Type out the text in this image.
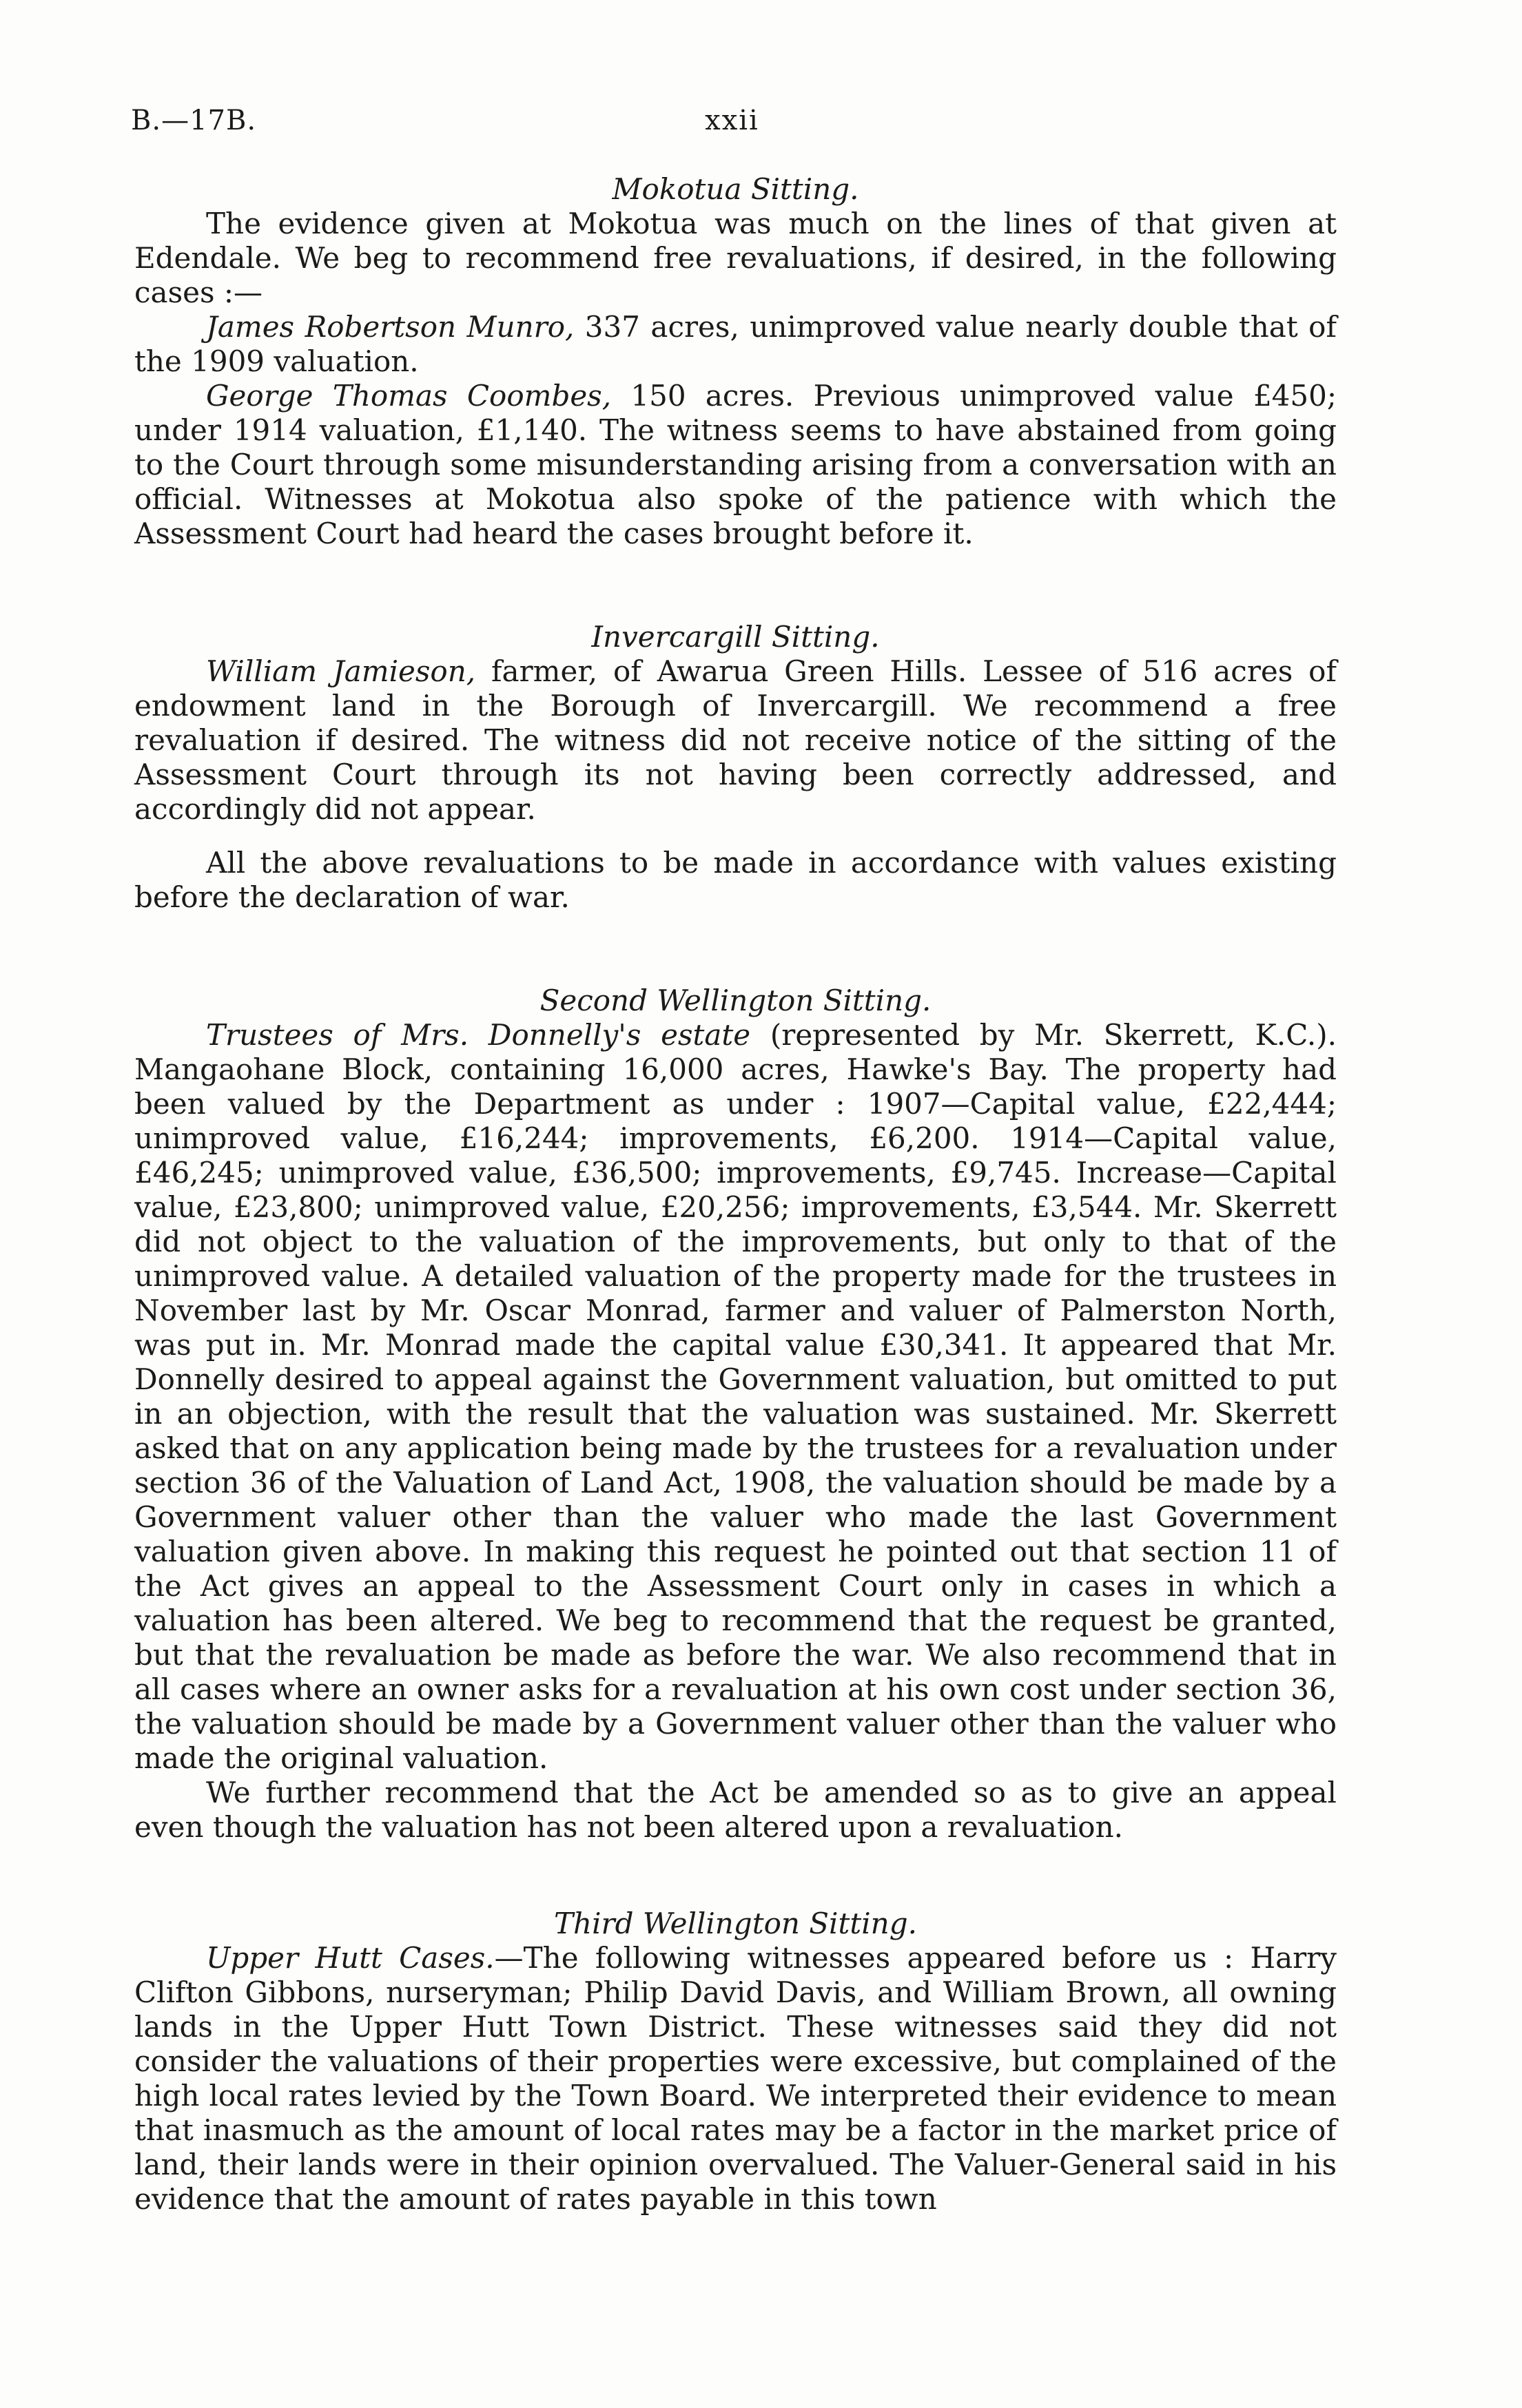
B.—17B.	xxii
Mokotua Sitting.

The evidence given at Mokotua was much on the lines of that given at Edendale. We beg to recommend free revaluations, if desired, in the following cases :—

James Robertson Munro, 337 acres, unimproved value nearly double that of the 1909 valuation.

George Thomas Coombes, 150 acres. Previous unimproved value £450; under 1914 valuation, £1,140. The witness seems to have abstained from going to the Court through some misunderstanding arising from a conversation with an official. Witnesses at Mokotua also spoke of the patience with which the Assessment Court had heard the cases brought before it.

Invercargill Sitting.

William Jamieson, farmer, of Awarua Green Hills. Lessee of 516 acres of endowment land in the Borough of Invercargill. We recommend a free revaluation if desired. The witness did not receive notice of the sitting of the Assessment Court through its not having been correctly addressed, and accordingly did not appear.

All the above revaluations to be made in accordance with values existing before the declaration of war.

Second Wellington Sitting.

Trustees of Mrs. Donnelly's estate (represented by Mr. Skerrett, K.C.). Mangaohane Block, containing 16,000 acres, Hawke's Bay. The property had been valued by the Department as under : 1907—Capital value, £22,444; unimproved value, £16,244; improvements, £6,200. 1914—Capital value, £46,245; unimproved value, £36,500; improvements, £9,745. Increase—Capital value, £23,800; unimproved value, £20,256; improvements, £3,544. Mr. Skerrett did not object to the valuation of the improvements, but only to that of the unimproved value. A detailed valuation of the property made for the trustees in November last by Mr. Oscar Monrad, farmer and valuer of Palmerston North, was put in. Mr. Monrad made the capital value £30,341. It appeared that Mr. Donnelly desired to appeal against the Government valuation, but omitted to put in an objection, with the result that the valuation was sustained. Mr. Skerrett asked that on any application being made by the trustees for a revaluation under section 36 of the Valuation of Land Act, 1908, the valuation should be made by a Government valuer other than the valuer who made the last Government valuation given above. In making this request he pointed out that section 11 of the Act gives an appeal to the Assessment Court only in cases in which a valuation has been altered. We beg to recommend that the request be granted, but that the revaluation be made as before the war. We also recommend that in all cases where an owner asks for a revaluation at his own cost under section 36, the valuation should be made by a Government valuer other than the valuer who made the original valuation.

We further recommend that the Act be amended so as to give an appeal even though the valuation has not been altered upon a revaluation.

Third Wellington Sitting.

Upper Hutt Cases.—The following witnesses appeared before us : Harry Clifton Gibbons, nurseryman; Philip David Davis, and William Brown, all owning lands in the Upper Hutt Town District. These witnesses said they did not consider the valuations of their properties were excessive, but complained of the high local rates levied by the Town Board. We interpreted their evidence to mean that inasmuch as the amount of local rates may be a factor in the market price of land, their lands were in their opinion overvalued. The Valuer-General said in his evidence that the amount of rates payable in this town
